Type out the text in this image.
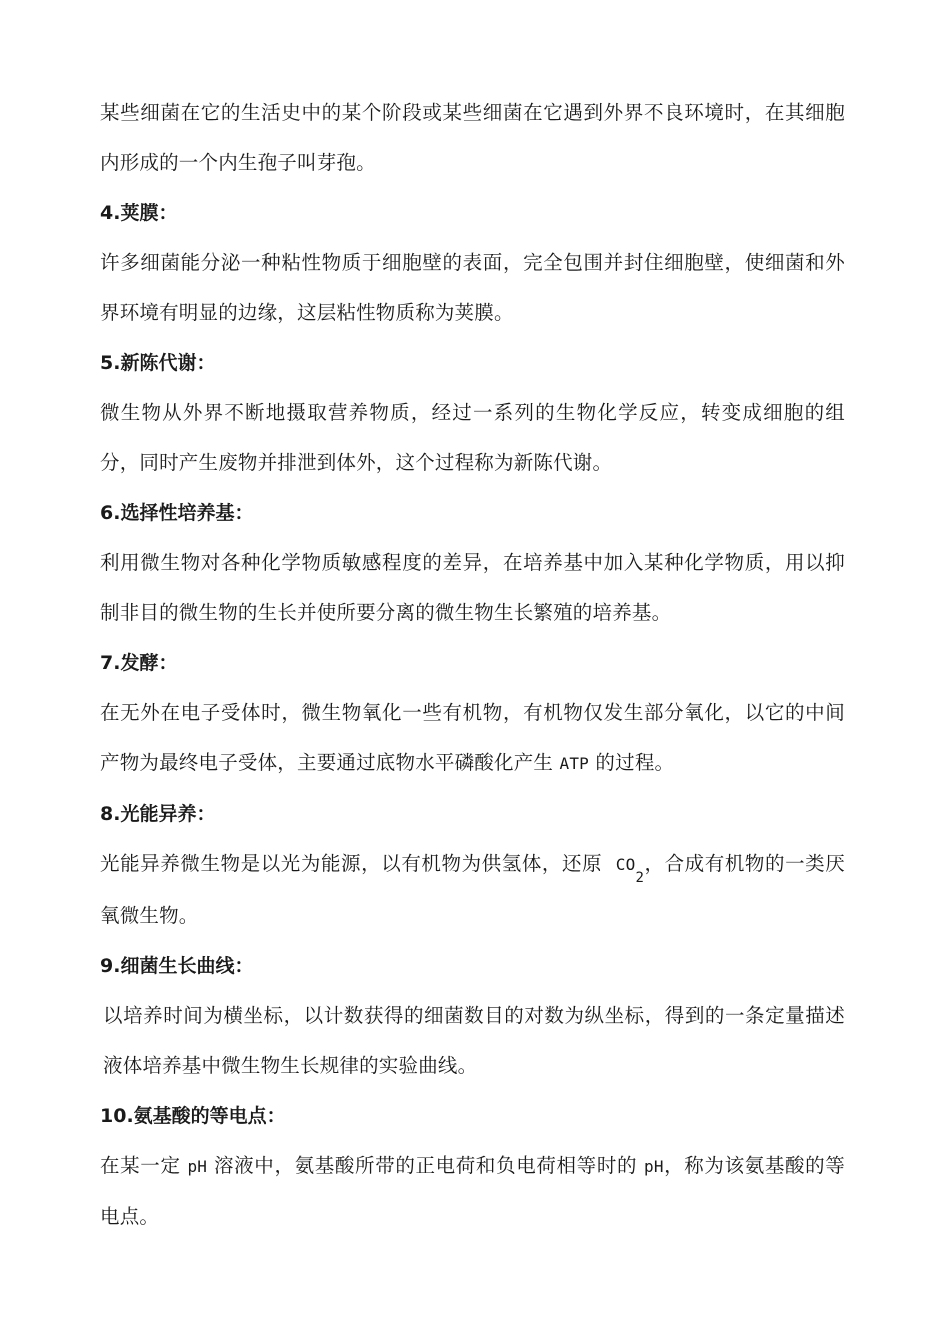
某些细菌在它的生活史中的某个阶段或某些细菌在它遇到外界不良环境时，在其细胞内形成的一个内生孢子叫芽孢。

4.荚膜：

许多细菌能分泌一种粘性物质于细胞壁的表面，完全包围并封住细胞壁，使细菌和外界环境有明显的边缘，这层粘性物质称为荚膜。

5.新陈代谢：

微生物从外界不断地摄取营养物质，经过一系列的生物化学反应，转变成细胞的组分，同时产生废物并排泄到体外，这个过程称为新陈代谢。

6.选择性培养基：

利用微生物对各种化学物质敏感程度的差异，在培养基中加入某种化学物质，用以抑制非目的微生物的生长并使所要分离的微生物生长繁殖的培养基。

7.发酵：

在无外在电子受体时，微生物氧化一些有机物，有机物仅发生部分氧化，以它的中间产物为最终电子受体，主要通过底物水平磷酸化产生 ATP 的过程。

8.光能异养：

光能异养微生物是以光为能源，以有机物为供氢体，还原 CO2，合成有机物的一类厌氧微生物。

9.细菌生长曲线：

以培养时间为横坐标，以计数获得的细菌数目的对数为纵坐标，得到的一条定量描述液体培养基中微生物生长规律的实验曲线。

10.氨基酸的等电点：

在某一定 pH 溶液中，氨基酸所带的正电荷和负电荷相等时的 pH，称为该氨基酸的等电点。
